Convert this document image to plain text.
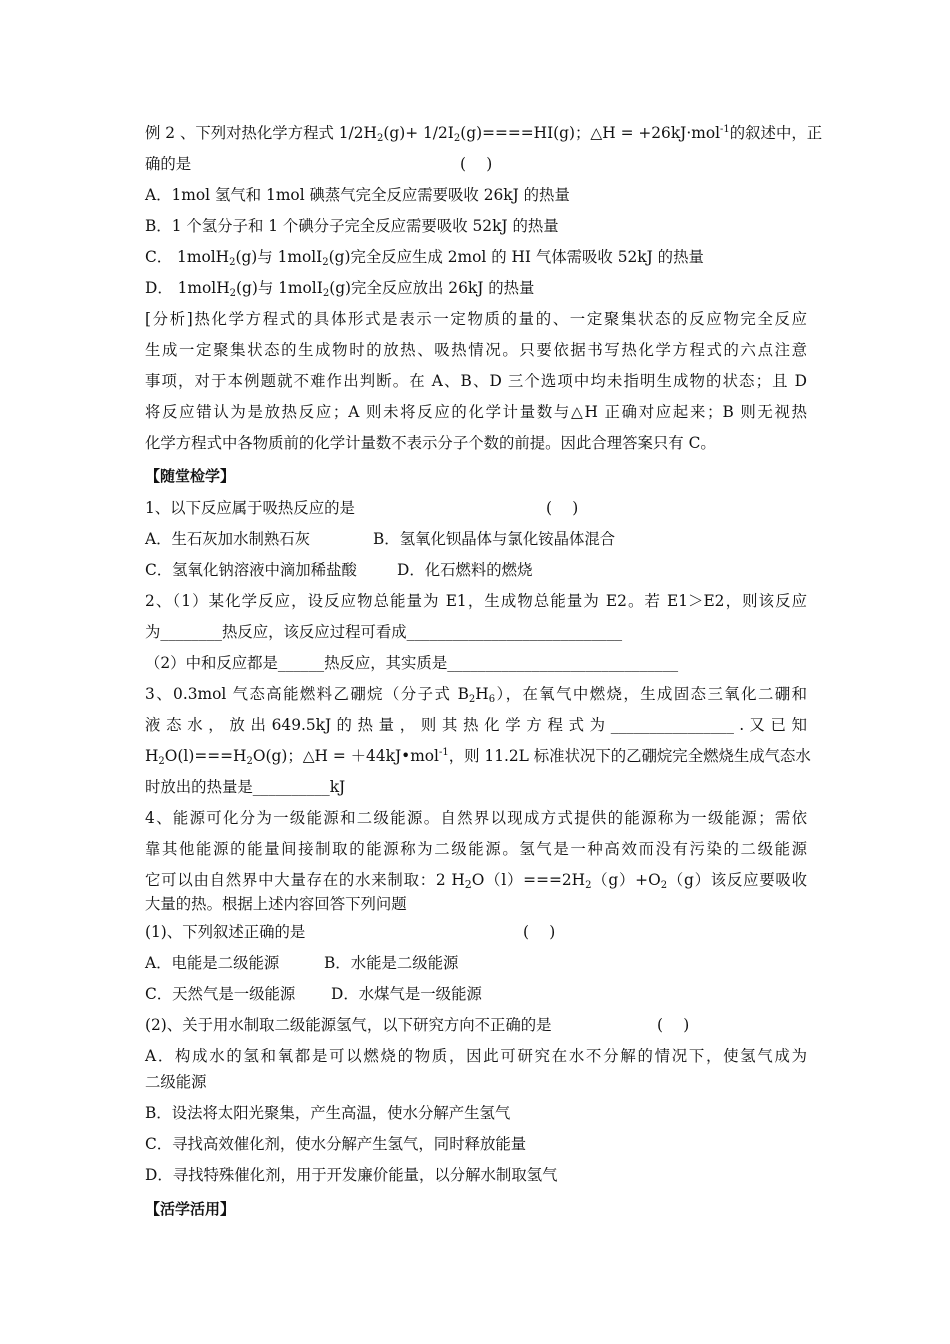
例 2 、下列对热化学方程式 $1/2H_2(g)+ 1/2I_2(g)====HI(g)$；△H = +26kJ·mol$^{-1}$的叙述中，正
确的是	(　 )
A．1mol 氢气和 1mol 碘蒸气完全反应需要吸收 26kJ 的热量
B．1 个氢分子和 1 个碘分子完全反应需要吸收 52kJ 的热量
C． 1molH$_2$(g)与 1molI$_2$(g)完全反应生成 2mol 的 HI 气体需吸收 52kJ 的热量
D． 1molH$_2$(g)与 1molI$_2$(g)完全反应放出 26kJ 的热量
[分析]热化学方程式的具体形式是表示一定物质的量的、一定聚集状态的反应物完全反应
生成一定聚集状态的生成物时的放热、吸热情况。只要依据书写热化学方程式的六点注意
事项，对于本例题就不难作出判断。在 A、B、D 三个选项中均未指明生成物的状态；且 D
将反应错认为是放热反应；A 则未将反应的化学计量数与△H 正确对应起来；B 则无视热
化学方程式中各物质前的化学计量数不表示分子个数的前提。因此合理答案只有 C。
【随堂检学】
1、以下反应属于吸热反应的是	(　 )
A．生石灰加水制熟石灰	B．氢氧化钡晶体与氯化铵晶体混合
C．氢氧化钠溶液中滴加稀盐酸	D．化石燃料的燃烧
2、（1）某化学反应，设反应物总能量为 E1，生成物总能量为 E2。若 E1＞E2，则该反应
为________热反应，该反应过程可看成____________________________
（2）中和反应都是______热反应，其实质是______________________________
3、0.3mol 气态高能燃料乙硼烷（分子式 $B_2H_6$），在氧气中燃烧，生成固态三氧化二硼和
液 态 水 ， 放 出 649.5kJ 的 热 量 ， 则 其 热 化 学 方 程 式 为 ________________ . 又 已 知
$H_2O(l)===H_2O(g)$；△H = ＋44kJ•mol$^{-1}$，则 11.2L 标准状况下的乙硼烷完全燃烧生成气态水
时放出的热量是__________kJ
4、能源可化分为一级能源和二级能源。自然界以现成方式提供的能源称为一级能源；需依
靠其他能源的能量间接制取的能源称为二级能源。氢气是一种高效而没有污染的二级能源
它可以由自然界中大量存在的水来制取：2 $H_2O(l)===2H_2(g)+O_2(g)$该反应要吸收
大量的热。根据上述内容回答下列问题
(1)、下列叙述正确的是	(　 )
A．电能是二级能源	B．水能是二级能源
C．天然气是一级能源 D．水煤气是一级能源
(2)、关于用水制取二级能源氢气，以下研究方向不正确的是	(　 )
A．构成水的氢和氧都是可以燃烧的物质，因此可研究在水不分解的情况下，使氢气成为
二级能源
B．设法将太阳光聚集，产生高温，使水分解产生氢气
C．寻找高效催化剂，使水分解产生氢气，同时释放能量
D．寻找特殊催化剂，用于开发廉价能量，以分解水制取氢气
【活学活用】
